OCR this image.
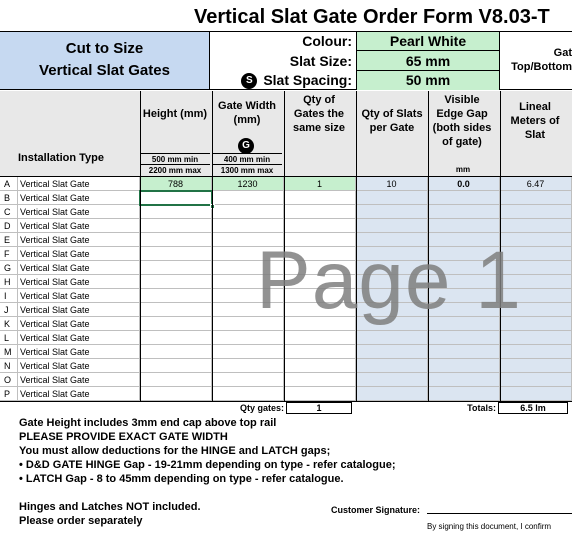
Vertical Slat Gate Order Form V8.03-T
Cut to Size
Vertical Slat Gates
Colour:	Pearl White
Slat Size:	65 mm
S Slat Spacing:	50 mm
Gat
Top/Bottom
Installation Type
Height (mm)
500 mm min
2200 mm max
Gate Width (mm)
G
400 mm min
1300 mm max
Qty of Gates the same size
Qty of Slats per Gate
Visible Edge Gap (both sides of gate)
mm
Lineal Meters of Slat
A	Vertical Slat Gate	788	1230	1	10	0.0	6.47
B	Vertical Slat Gate
C	Vertical Slat Gate
D	Vertical Slat Gate
E	Vertical Slat Gate
F	Vertical Slat Gate
G Vertical Slat Gate
H	Vertical Slat Gate
I	Vertical Slat Gate
J	Vertical Slat Gate
K	Vertical Slat Gate
L	Vertical Slat Gate
M Vertical Slat Gate
N	Vertical Slat Gate
O Vertical Slat Gate
P	Vertical Slat Gate
Page 1
Qty gates:	1	Totals:	6.5 lm
Gate Height includes 3mm end cap above top rail
PLEASE PROVIDE EXACT GATE WIDTH
You must allow deductions for the HINGE and LATCH gaps;
• D&D GATE HINGE Gap - 19-21mm depending on type - refer catalogue;
• LATCH Gap - 8 to 45mm depending on type - refer catalogue.
Hinges and Latches NOT included.
Please order separately
Customer Signature:
By signing this document, I confirm
